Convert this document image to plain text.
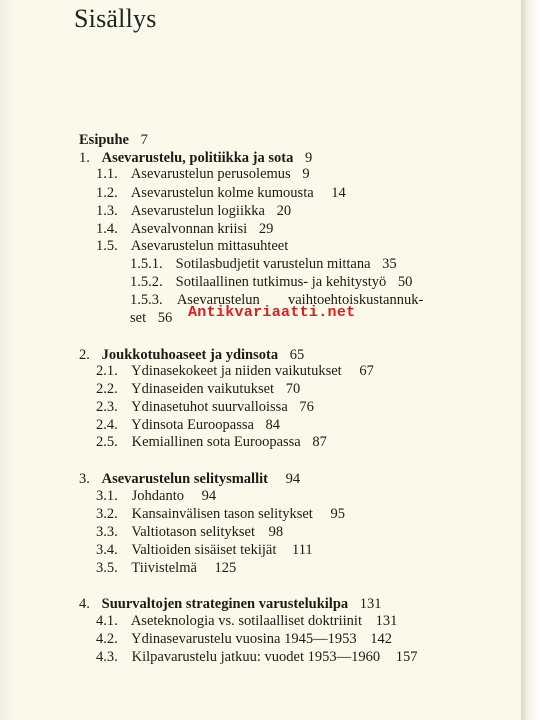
Sisällys
Esipuhe 7
1. Asevarustelu, politiikka ja sota 9
1.1. Asevarustelun perusolemus 9
1.2. Asevarustelun kolme kumousta 14
1.3. Asevarustelun logiikka 20
1.4. Asevalvonnan kriisi 29
1.5. Asevarustelun mittasuhteet
1.5.1. Sotilasbudjetit varustelun mittana 35
1.5.2. Sotilaallinen tutkimus- ja kehitystyö 50
1.5.3. Asevarustelun vaihtoehtoiskustannuk-
set 56 Antikvariaatti.net
2. Joukkotuhoaseet ja ydinsota 65
2.1. Ydinasekokeet ja niiden vaikutukset 67
2.2. Ydinaseiden vaikutukset 70
2.3. Ydinasetuhot suurvalloissa 76
2.4. Ydinsota Euroopassa 84
2.5. Kemiallinen sota Euroopassa 87
3. Asevarustelun selitysmallit 94
3.1. Johdanto 94
3.2. Kansainvälisen tason selitykset 95
3.3. Valtiotason selitykset 98
3.4. Valtioiden sisäiset tekijät 111
3.5. Tiivistelmä 125
4. Suurvaltojen strateginen varustelukilpa 131
4.1. Aseteknologia vs. sotilaalliset doktriinit 131
4.2. Ydinasevarustelu vuosina 1945—1953 142
4.3. Kilpavarustelu jatkuu: vuodet 1953—1960 157
